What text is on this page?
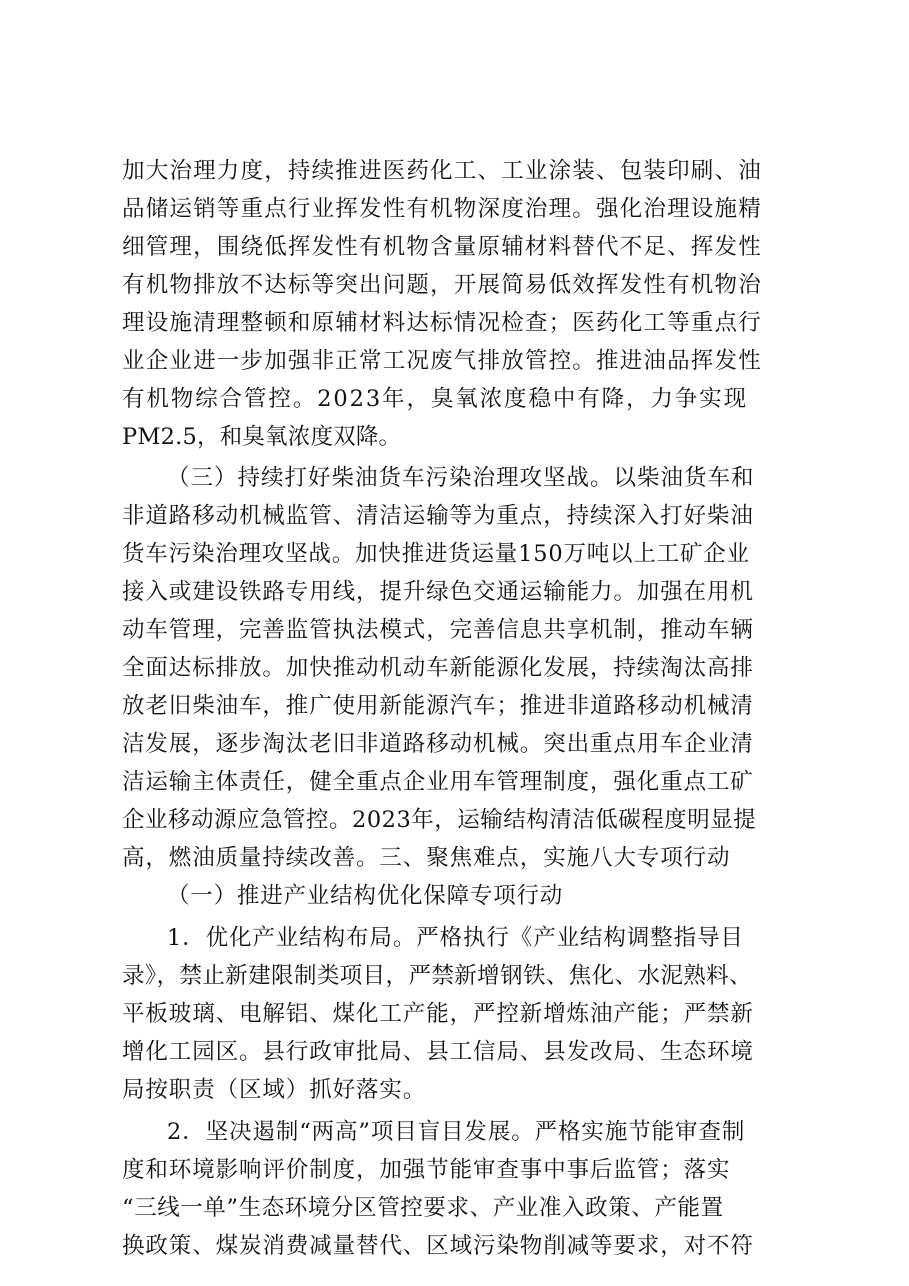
加大治理力度，持续推进医药化工、工业涂装、包装印刷、油
品储运销等重点行业挥发性有机物深度治理。强化治理设施精
细管理，围绕低挥发性有机物含量原辅材料替代不足、挥发性
有机物排放不达标等突出问题，开展简易低效挥发性有机物治
理设施清理整顿和原辅材料达标情况检查；医药化工等重点行
业企业进一步加强非正常工况废气排放管控。推进油品挥发性
有机物综合管控。2023年，臭氧浓度稳中有降，力争实现
PM2.5，和臭氧浓度双降。
（三）持续打好柴油货车污染治理攻坚战。以柴油货车和
非道路移动机械监管、清洁运输等为重点，持续深入打好柴油
货车污染治理攻坚战。加快推进货运量150万吨以上工矿企业
接入或建设铁路专用线，提升绿色交通运输能力。加强在用机
动车管理，完善监管执法模式，完善信息共享机制，推动车辆
全面达标排放。加快推动机动车新能源化发展，持续淘汰高排
放老旧柴油车，推广使用新能源汽车；推进非道路移动机械清
洁发展，逐步淘汰老旧非道路移动机械。突出重点用车企业清
洁运输主体责任，健全重点企业用车管理制度，强化重点工矿
企业移动源应急管控。2023年，运输结构清洁低碳程度明显提
高，燃油质量持续改善。三、聚焦难点，实施八大专项行动
（一）推进产业结构优化保障专项行动
1．优化产业结构布局。严格执行《产业结构调整指导目
录》，禁止新建限制类项目，严禁新增钢铁、焦化、水泥熟料、
平板玻璃、电解铝、煤化工产能，严控新增炼油产能；严禁新
增化工园区。县行政审批局、县工信局、县发改局、生态环境
局按职责（区域）抓好落实。
2．坚决遏制“两高”项目盲目发展。严格实施节能审查制
度和环境影响评价制度，加强节能审查事中事后监管；落实
“三线一单”生态环境分区管控要求、产业准入政策、产能置
换政策、煤炭消费减量替代、区域污染物削减等要求，对不符
